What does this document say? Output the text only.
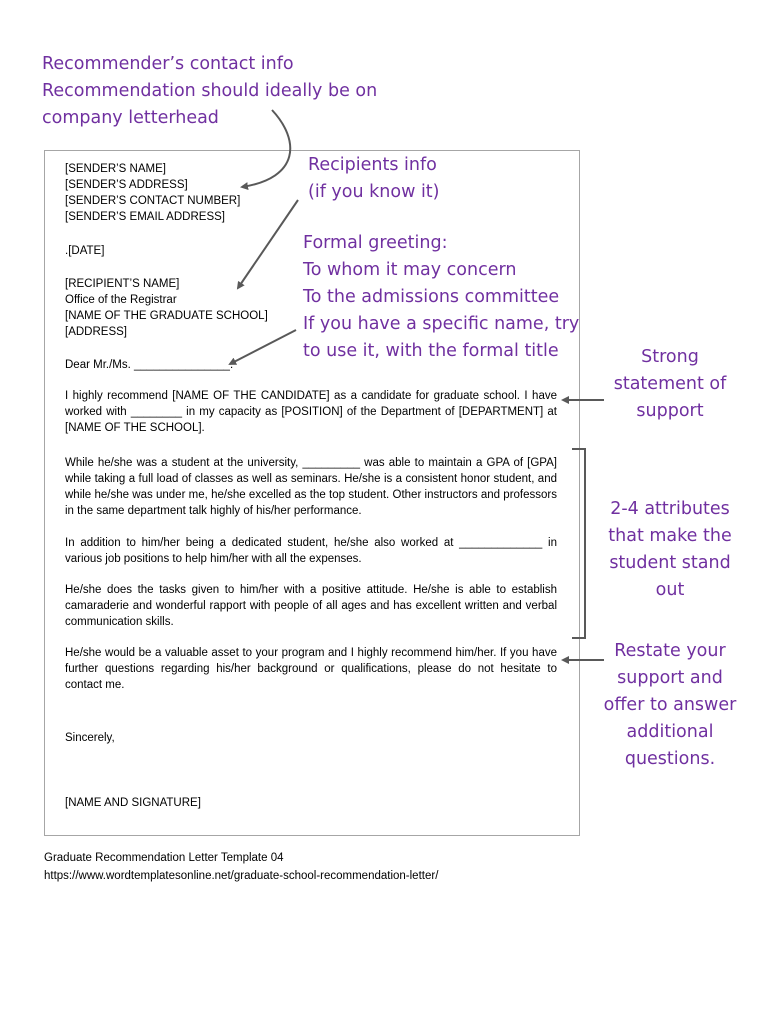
Recommender’s contact info
Recommendation should ideally be on
company letterhead
[SENDER’S NAME]
[SENDER’S ADDRESS]
[SENDER’S CONTACT NUMBER]
[SENDER’S EMAIL ADDRESS]
.[DATE]
[RECIPIENT’S NAME]
Office of the Registrar
[NAME OF THE GRADUATE SCHOOL]
[ADDRESS]
Dear Mr./Ms. _______________:
I highly recommend [NAME OF THE CANDIDATE] as a candidate for graduate school. I have worked with ________ in my capacity as [POSITION] of the Department of [DEPARTMENT] at [NAME OF THE SCHOOL].
While he/she was a student at the university, _________ was able to maintain a GPA of [GPA] while taking a full load of classes as well as seminars. He/she is a consistent honor student, and while he/she was under me, he/she excelled as the top student. Other instructors and professors in the same department talk highly of his/her performance.
In addition to him/her being a dedicated student, he/she also worked at _____________ in various job positions to help him/her with all the expenses.
He/she does the tasks given to him/her with a positive attitude. He/she is able to establish camaraderie and wonderful rapport with people of all ages and has excellent written and verbal communication skills.
He/she would be a valuable asset to your program and I highly recommend him/her. If you have further questions regarding his/her background or qualifications, please do not hesitate to contact me.
Sincerely,
[NAME AND SIGNATURE]
Recipients info
(if you know it)
Formal greeting:
To whom it may concern
To the admissions committee
If you have a specific name, try
to use it, with the formal title	Strong
statement of
support
2-4 attributes
that make the
student stand
out
Restate your
support and
offer to answer
additional
questions.
Graduate Recommendation Letter Template 04
https://www.wordtemplatesonline.net/graduate-school-recommendation-letter/
